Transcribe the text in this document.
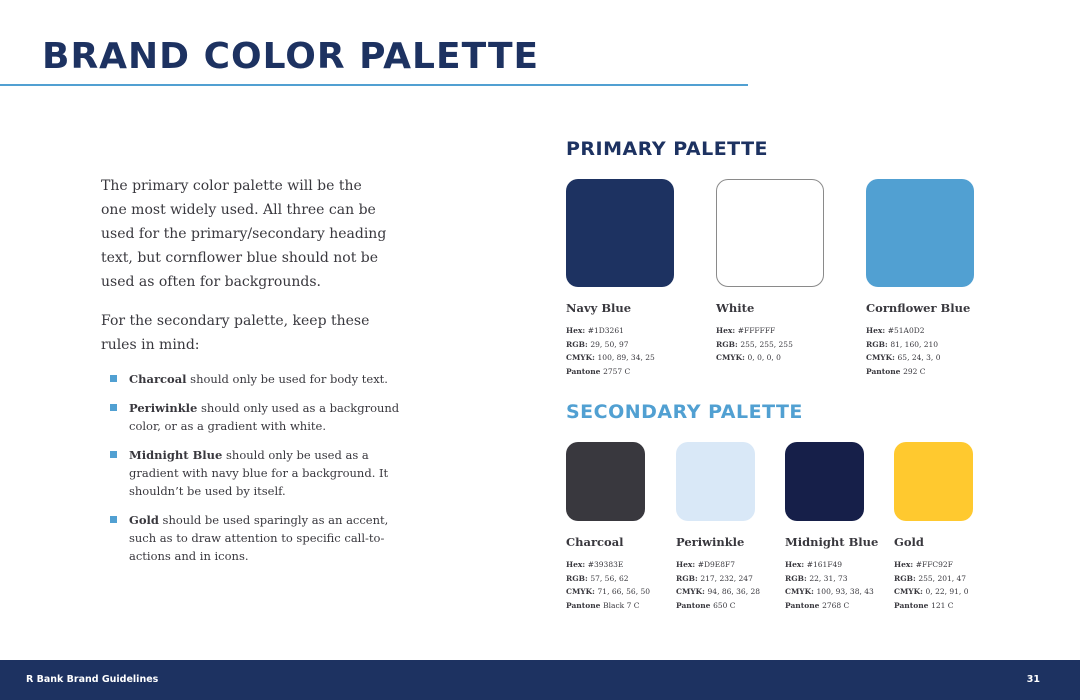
BRAND COLOR PALETTE

The primary color palette will be the one most widely used. All three can be used for the primary/secondary heading text, but cornflower blue should not be used as often for backgrounds.

For the secondary palette, keep these rules in mind:

Charcoal should only be used for body text.
Periwinkle should only used as a background color, or as a gradient with white.
Midnight Blue should only be used as a gradient with navy blue for a background. It shouldn’t be used by itself.
Gold should be used sparingly as an accent, such as to draw attention to specific call-to-actions and in icons.
PRIMARY PALETTE
Navy Blue
Hex: #1D3261
RGB: 29, 50, 97
CMYK: 100, 89, 34, 25
Pantone 2757 C
White
Hex: #FFFFFF
RGB: 255, 255, 255
CMYK: 0, 0, 0, 0
Cornflower Blue
Hex: #51A0D2
RGB: 81, 160, 210
CMYK: 65, 24, 3, 0
Pantone 292 C
SECONDARY PALETTE
Charcoal
Hex: #39383E
RGB: 57, 56, 62
CMYK: 71, 66, 56, 50
Pantone Black 7 C
Periwinkle
Hex: #D9E8F7
RGB: 217, 232, 247
CMYK: 94, 86, 36, 28
Pantone 650 C
Midnight Blue
Hex: #161F49
RGB: 22, 31, 73
CMYK: 100, 93, 38, 43
Pantone 2768 C
Gold
Hex: #FFC92F
RGB: 255, 201, 47
CMYK: 0, 22, 91, 0
Pantone 121 C
R Bank Brand Guidelines	31
